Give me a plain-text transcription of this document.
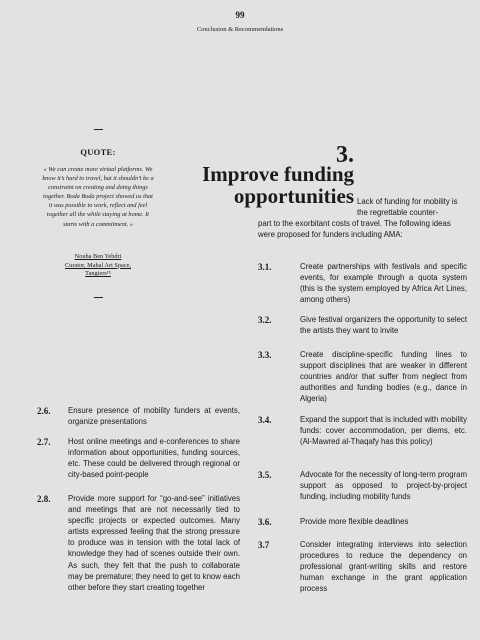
99
Conclusion & Recommendations
QUOTE:
« We can create more virtual platforms. We know it’s hard to travel, but it shouldn’t be a constraint on creating and doing things together. Boda Boda project showed us that it was possible to work, reflect and feel together all the while staying at home. It starts with a commitment. »
Nouha Ben Yebdri
Curator, Mahal Art Space,
Tangiers¹⁵
3.
Improve funding
opportunities Lack of funding for mobility is the regrettable counter-
part to the exorbitant costs of travel. The following ideas were proposed for funders including AMA:
3.1.	Create partnerships with festivals and specific events, for example through a quota system (this is the system employed by Africa Art Lines, among others)
3.2.	Give festival organizers the opportunity to select the artists they want to invite
3.3.	Create discipline-specific funding lines to support disciplines that are weaker in different countries and/or that suffer from neglect from authorities and funding bodies (e.g., dance in Algeria)
3.4.	Expand the support that is included with mobility funds: cover accommodation, per diems, etc. (Al-Mawred al-Thaqafy has this policy)
3.5.	Advocate for the necessity of long-term program support as opposed to project-by-project funding, including mobility funds
3.6.	Provide more flexible deadlines
3.7	Consider integrating interviews into selection procedures to reduce the dependency on professional grant-writing skills and restore human exchange in the grant application process
2.6. Ensure presence of mobility funders at events, organize presentations
2.7. Host online meetings and e-conferences to share information about opportunities, funding sources, etc. These could be delivered through regional or city-based point-people
2.8. Provide more support for “go-and-see” initiatives and meetings that are not necessarily tied to specific projects or expected outcomes. Many artists expressed feeling that the strong pressure to produce was in tension with the total lack of knowledge they had of scenes outside their own. As such, they felt that the push to collaborate may be premature; they need to get to know each other before they start creating together
